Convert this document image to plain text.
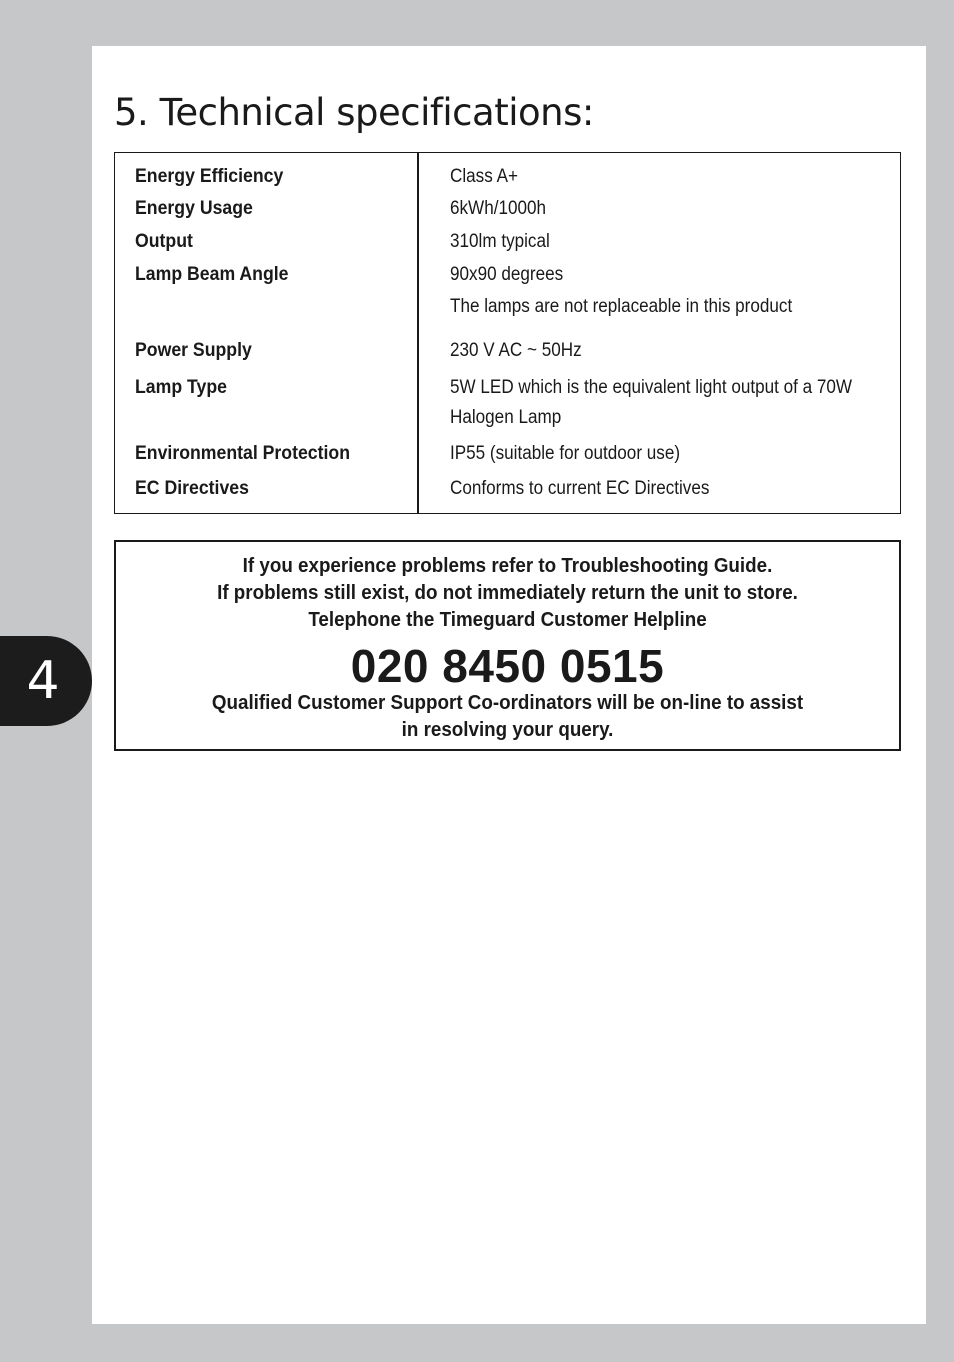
5. Technical specifications:
Energy Efficiency	Class A+
Energy Usage	6kWh/1000h
Output	310lm typical
Lamp Beam Angle	90x90 degrees
The lamps are not replaceable in this product
Power Supply	230 V AC ~ 50Hz
Lamp Type	5W LED which is the equivalent light output of a 70W
Halogen Lamp
Environmental Protection	IP55 (suitable for outdoor use)
EC Directives	Conforms to current EC Directives
If you experience problems refer to Troubleshooting Guide.
If problems still exist, do not immediately return the unit to store.
Telephone the Timeguard Customer Helpline
020 8450 0515
Qualified Customer Support Co-ordinators will be on-line to assist
in resolving your query.
4
